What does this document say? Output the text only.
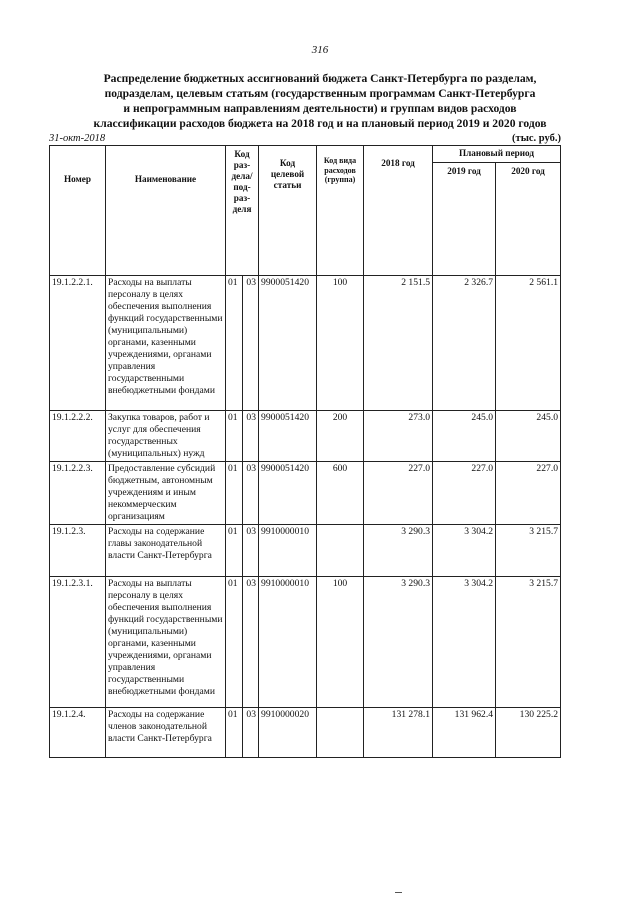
316
Распределение бюджетных ассигнований бюджета Санкт-Петербурга по разделам,
подразделам, целевым статьям (государственным программам Санкт-Петербурга
и непрограммным направлениям деятельности) и группам видов расходов
классификации расходов бюджета на 2018 год и на плановый период 2019 и 2020 годов
31-окт-2018	(тыс. руб.)
Номер	Наименование	Код раз-дела/ под-раз-деля		Код целевой статьи	Код вида расходов (группа)	2018 год	Плановый период	
							2019 год	2020 год
19.1.2.2.1.	Расходы на выплаты персоналу в целях обеспечения выполнения функций государственными (муниципальными) органами, казенными учреждениями, органами управления государственными внебюджетными фондами	01	03	9900051420	100	2 151.5	2 326.7	2 561.1
19.1.2.2.2.	Закупка товаров, работ и услуг для обеспечения государственных (муниципальных) нужд	01	03	9900051420	200	273.0	245.0	245.0
19.1.2.2.3.	Предоставление субсидий бюджетным, автономным учреждениям и иным некоммерческим организациям	01	03	9900051420	600	227.0	227.0	227.0
19.1.2.3.	Расходы на содержание главы законодательной власти Санкт-Петербурга	01	03	9910000010		3 290.3	3 304.2	3 215.7
19.1.2.3.1.	Расходы на выплаты персоналу в целях обеспечения выполнения функций государственными (муниципальными) органами, казенными учреждениями, органами управления государственными внебюджетными фондами	01	03	9910000010	100	3 290.3	3 304.2	3 215.7
19.1.2.4.	Расходы на содержание членов законодательной власти Санкт-Петербурга	01	03	9910000020		131 278.1	131 962.4	130 225.2
